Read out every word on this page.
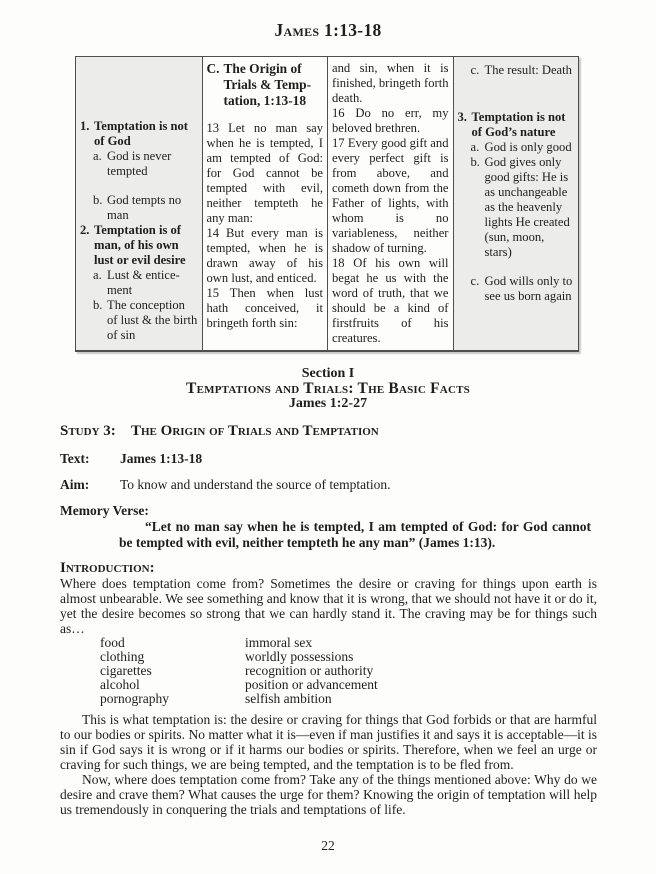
James 1:13-18
1. Temptation is not of God
a. God is never tempted
b. God tempts no man
2. Temptation is of man, of his own lust or evil desire
a. Lust & entice-ment
b. The conception of lust & the birth of sin
C. The Origin of
Trials & Temp-
tation, 1:13-18

13 Let no man say when he is tempted, I am tempted of God: for God cannot be tempted with evil, neither tempteth he any man:

14 But every man is tempted, when he is drawn away of his own lust, and enticed.

15 Then when lust hath conceived, it bringeth forth sin:

and sin, when it is finished, bringeth forth death.

16 Do no err, my beloved brethren.

17 Every good gift and every perfect gift is from above, and cometh down from the Father of lights, with whom is no variableness, neither shadow of turning.

18 Of his own will begat he us with the word of truth, that we should be a kind of firstfruits of his creatures.

c. The result: Death
3. Temptation is not of God’s nature
a. God is only good
b. God gives only good gifts: He is as unchangeable as the heavenly lights He created (sun, moon, stars)
c. God wills only to see us born again
Section I
Temptations and Trials: The Basic Facts
James 1:2-27
Study 3:	The Origin of Trials and Temptation
Text:	James 1:13-18
Aim:	To know and understand the source of temptation.
Memory Verse:

“Let no man say when he is tempted, I am tempted of God: for God cannot be tempted with evil, neither tempteth he any man” (James 1:13).

Introduction:

Where does temptation come from? Sometimes the desire or craving for things upon earth is almost unbearable. We see something and know that it is wrong, that we should not have it or do it, yet the desire becomes so strong that we can hardly stand it. The craving may be for things such as…

food	immoral sex
clothing	worldly possessions
cigarettes	recognition or authority
alcohol	position or advancement
pornography	selfish ambition

This is what temptation is: the desire or craving for things that God forbids or that are harmful to our bodies or spirits. No matter what it is—even if man justifies it and says it is acceptable—it is sin if God says it is wrong or if it harms our bodies or spirits. Therefore, when we feel an urge or craving for such things, we are being tempted, and the temptation is to be fled from.

Now, where does temptation come from? Take any of the things mentioned above: Why do we desire and crave them? What causes the urge for them? Knowing the origin of temptation will help us tremendously in conquering the trials and temptations of life.

22
